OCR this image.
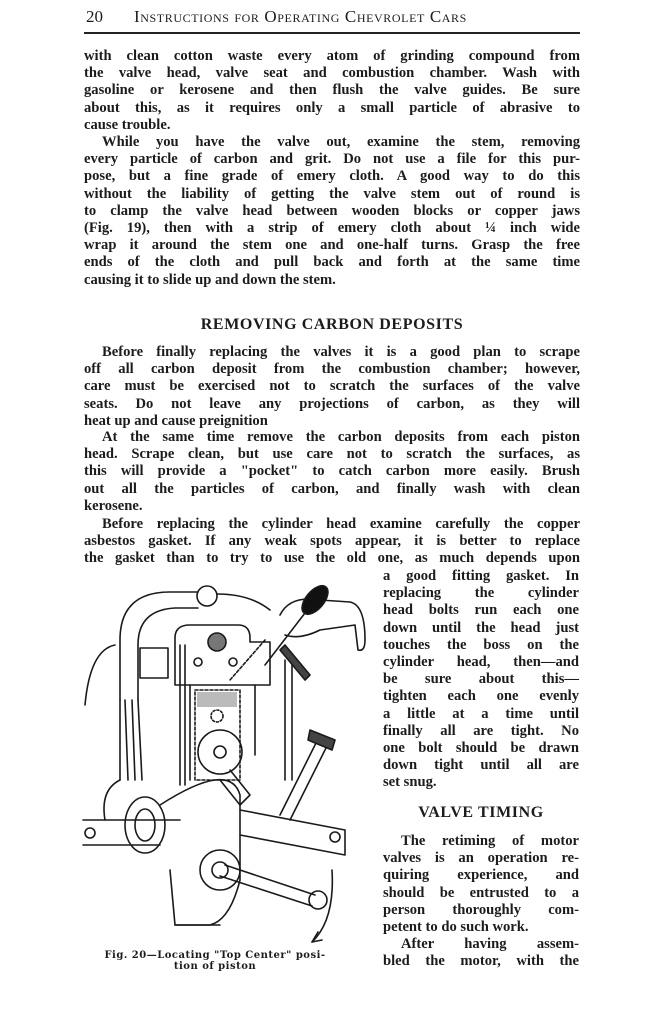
20 Instructions for Operating Chevrolet Cars
with clean cotton waste every atom of grinding compound from
the valve head, valve seat and combustion chamber. Wash with
gasoline or kerosene and then flush the valve guides. Be sure
about this, as it requires only a small particle of abrasive to
cause trouble.
While you have the valve out, examine the stem, removing
every particle of carbon and grit. Do not use a file for this pur-
pose, but a fine grade of emery cloth. A good way to do this
without the liability of getting the valve stem out of round is
to clamp the valve head between wooden blocks or copper jaws
(Fig. 19), then with a strip of emery cloth about ¼ inch wide
wrap it around the stem one and one-half turns. Grasp the free
ends of the cloth and pull back and forth at the same time
causing it to slide up and down the stem.
REMOVING CARBON DEPOSITS
Before finally replacing the valves it is a good plan to scrape
off all carbon deposit from the combustion chamber; however,
care must be exercised not to scratch the surfaces of the valve
seats. Do not leave any projections of carbon, as they will
heat up and cause preignition
At the same time remove the carbon deposits from each piston
head. Scrape clean, but use care not to scratch the surfaces, as
this will provide a "pocket" to catch carbon more easily. Brush
out all the particles of carbon, and finally wash with clean
kerosene.
Before replacing the cylinder head examine carefully the copper
asbestos gasket. If any weak spots appear, it is better to replace
the gasket than to try to use the old one, as much depends upon
a good fitting gasket. In
replacing the cylinder
head bolts run each one
down until the head just
touches the boss on the
cylinder head, then—and
be sure about this—
tighten each one evenly
a little at a time until
finally all are tight. No
one bolt should be drawn
down tight until all are
set snug.
VALVE TIMING
The retiming of motor
valves is an operation re-
quiring experience, and
should be entrusted to a
person thoroughly com-
petent to do such work.
After having assem-
bled the motor, with the
Fig. 20—Locating "Top Center" posi-
tion of piston
